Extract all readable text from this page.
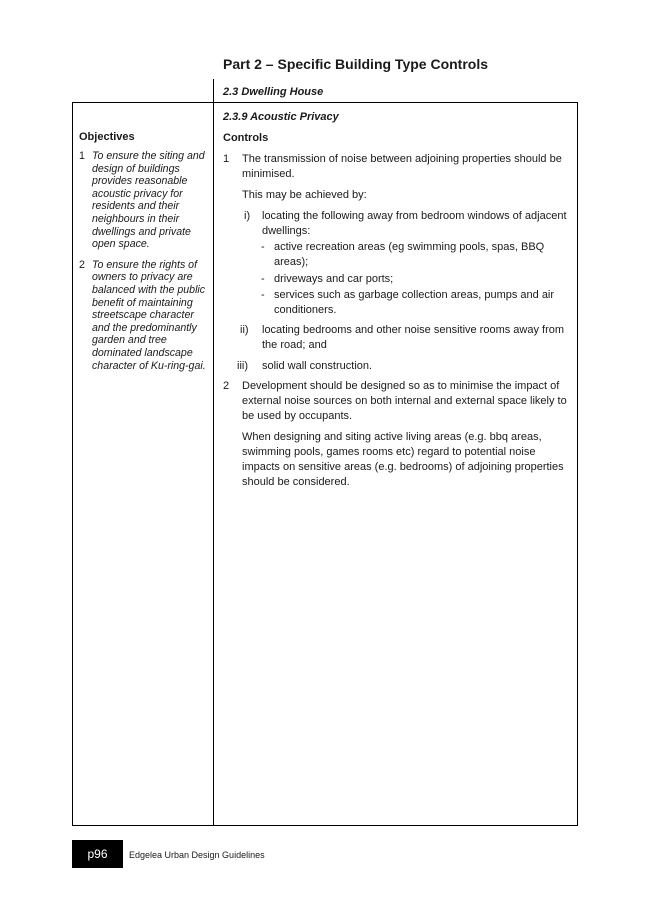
Part 2 – Specific Building Type Controls
2.3 Dwelling House
Objectives
1 To ensure the siting and design of buildings provides reasonable acoustic privacy for residents and their neighbours in their dwellings and private open space.
2 To ensure the rights of owners to privacy are balanced with the public benefit of maintaining streetscape character and the predominantly garden and tree dominated landscape character of Ku-ring-gai.
2.3.9 Acoustic Privacy
Controls
1 The transmission of noise between adjoining properties should be minimised.
This may be achieved by:
i) locating the following away from bedroom windows of adjacent dwellings:
- active recreation areas (eg swimming pools, spas, BBQ areas);
- driveways and car ports;
- services such as garbage collection areas, pumps and air conditioners.
ii) locating bedrooms and other noise sensitive rooms away from the road; and
iii) solid wall construction.
2 Development should be designed so as to minimise the impact of external noise sources on both internal and external space likely to be used by occupants.
When designing and siting active living areas (e.g. bbq areas, swimming pools, games rooms etc) regard to potential noise impacts on sensitive areas (e.g. bedrooms) of adjoining properties should be considered.
p96	Edgelea Urban Design Guidelines
